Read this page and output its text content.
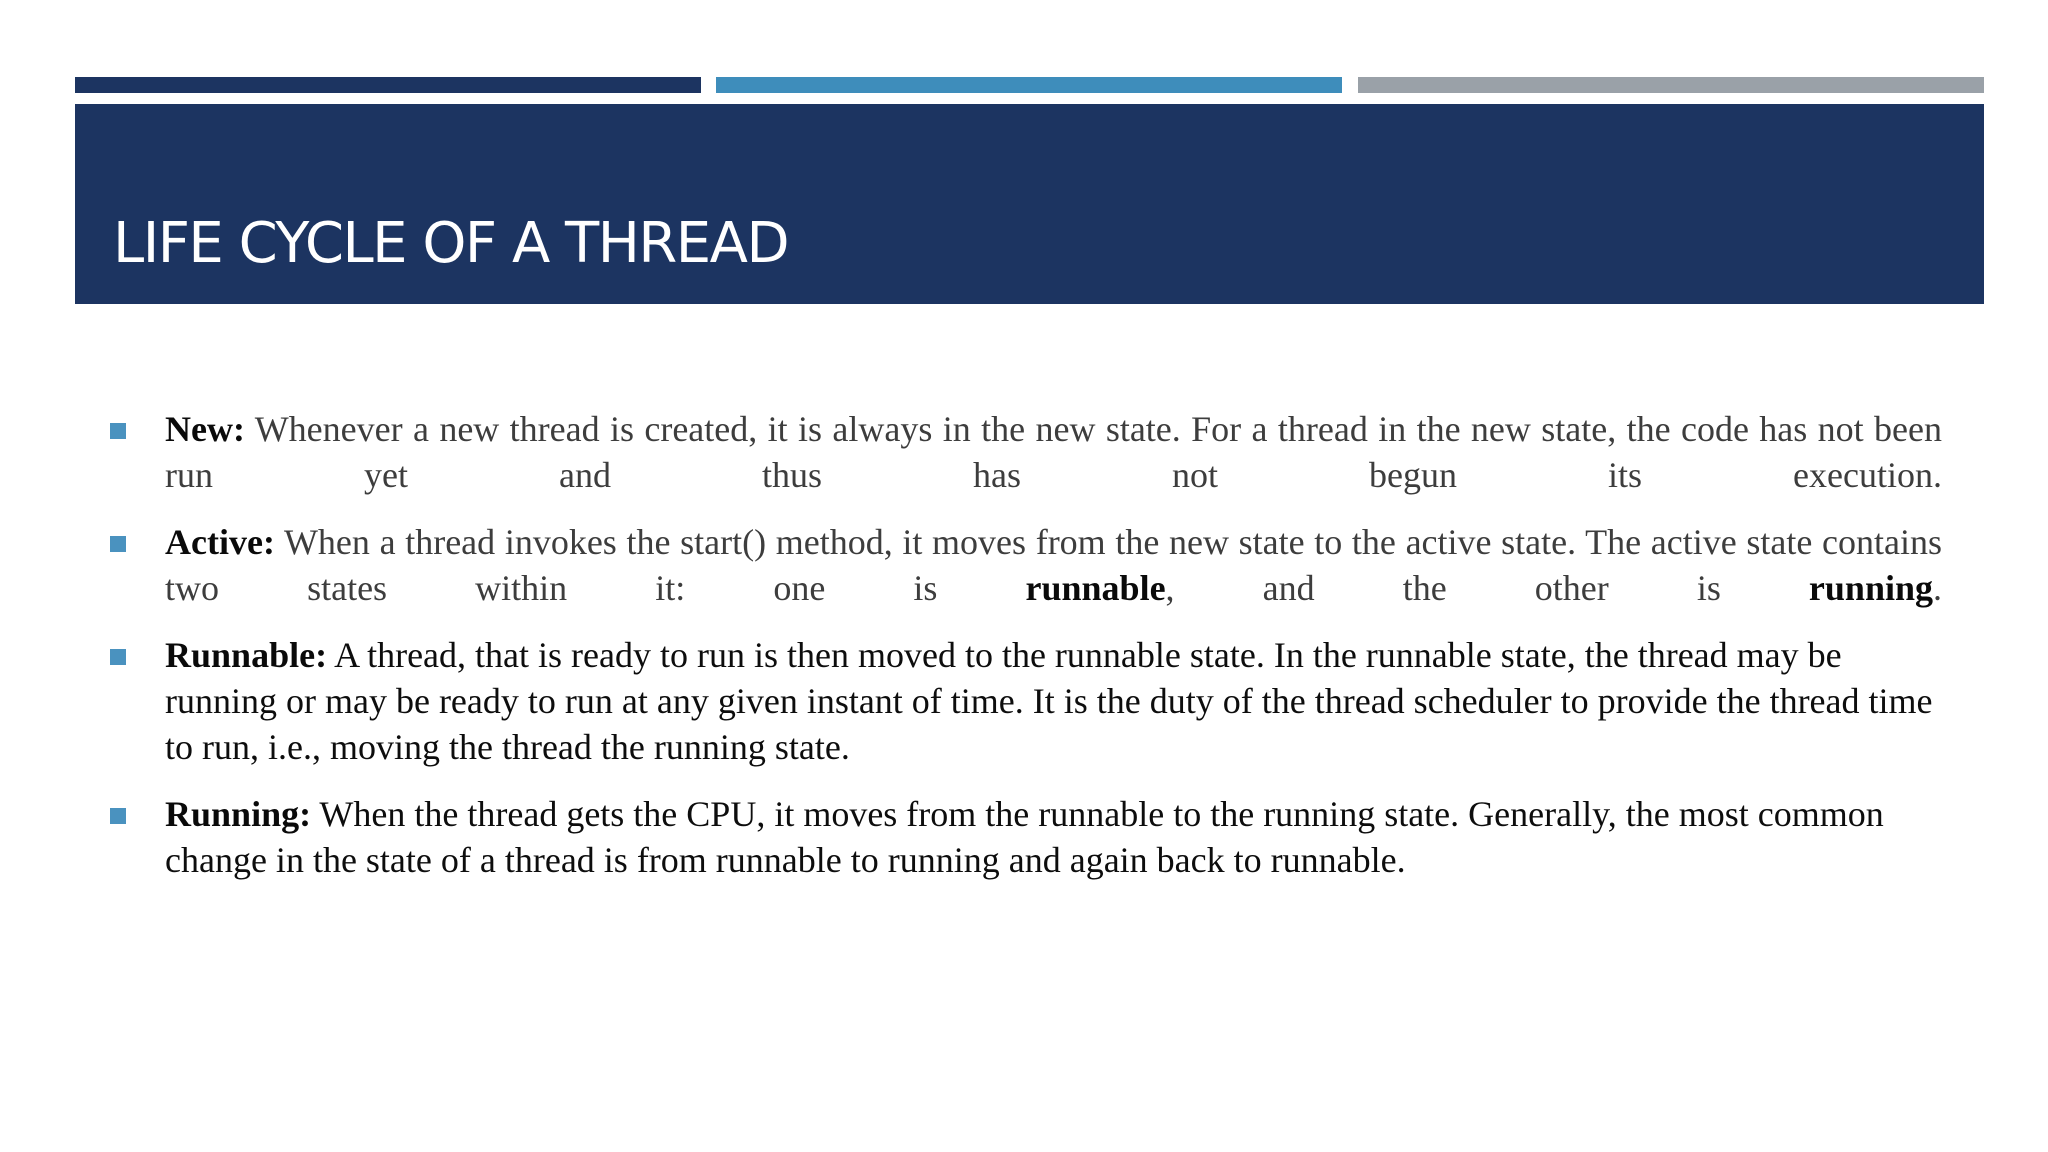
LIFE CYCLE OF A THREAD
New: Whenever a new thread is created, it is always in the new state. For a thread in the new state, the code has not been run yet and thus has not begun its execution.
Active: When a thread invokes the start() method, it moves from the new state to the active state. The active state contains two states within it: one is runnable, and the other is running.
Runnable: A thread, that is ready to run is then moved to the runnable state. In the runnable state, the thread may be running or may be ready to run at any given instant of time. It is the duty of the thread scheduler to provide the thread time to run, i.e., moving the thread the running state.
Running: When the thread gets the CPU, it moves from the runnable to the running state. Generally, the most common change in the state of a thread is from runnable to running and again back to runnable.
